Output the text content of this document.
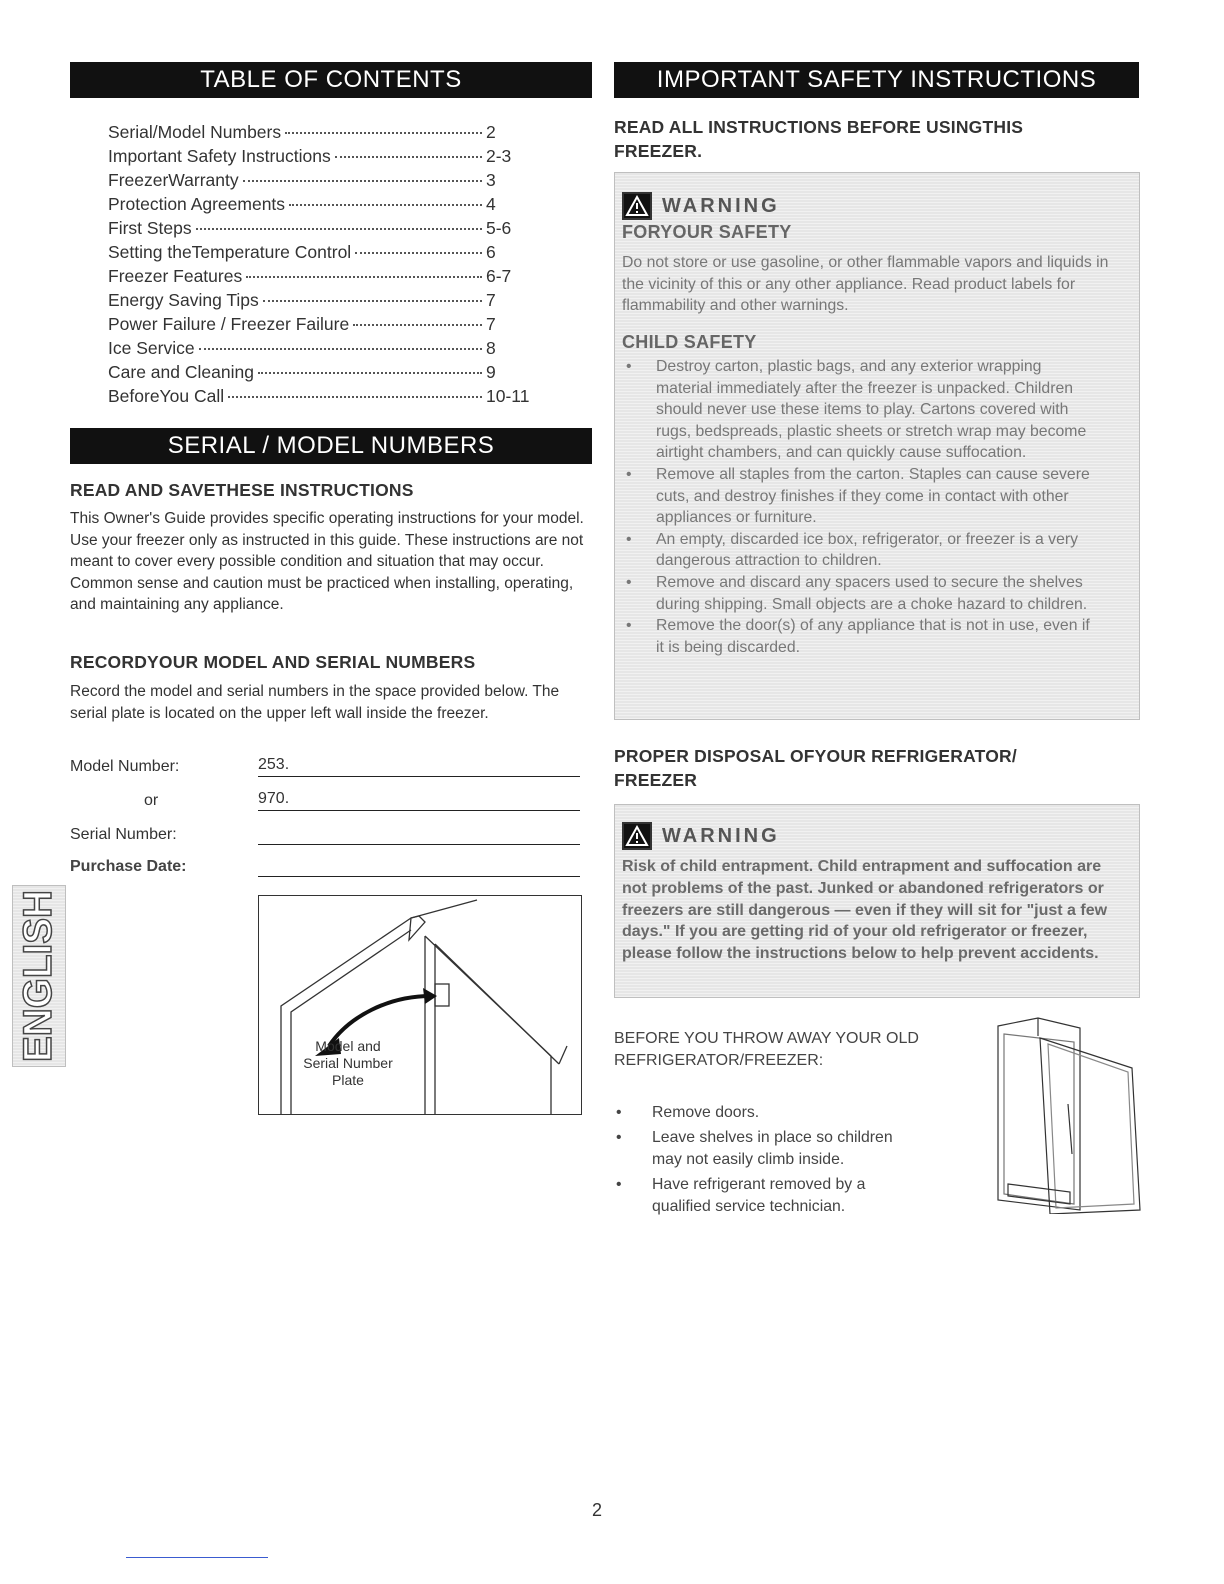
TABLE OF CONTENTS
Serial/Model Numbers	2
Important Safety Instructions	2-3
FreezerWarranty	3
Protection Agreements	4
First Steps	5-6
Setting theTemperature Control	6
Freezer Features	6-7
Energy Saving Tips	7
Power Failure / Freezer Failure	7
Ice Service	8
Care and Cleaning	9
BeforeYou Call	10-11
SERIAL / MODEL NUMBERS
READ AND SAVETHESE INSTRUCTIONS

This Owner's Guide provides specific operating instructions for your model. Use your freezer only as instructed in this guide. These instructions are not meant to cover every possible condition and situation that may occur. Common sense and caution must be practiced when installing, operating, and maintaining any appliance.

RECORDYOUR MODEL AND SERIAL NUMBERS

Record the model and serial numbers in the space provided below. The serial plate is located on the upper left wall inside the freezer.

Model Number:	253.
or	970.
Serial Number:
Purchase Date:
Model and Serial Number Plate
ENGLISH
IMPORTANT SAFETY INSTRUCTIONS
READ ALL INSTRUCTIONS BEFORE USINGTHIS FREEZER.
WARNING
FORYOUR SAFETY

Do not store or use gasoline, or other flammable vapors and liquids in the vicinity of this or any other appliance. Read product labels for flammability and other warnings.

CHILD SAFETY
• Destroy carton, plastic bags, and any exterior wrapping material immediately after the freezer is unpacked. Children should never use these items to play. Cartons covered with rugs, bedspreads, plastic sheets or stretch wrap may become airtight chambers, and can quickly cause suffocation.
• Remove all staples from the carton. Staples can cause severe cuts, and destroy finishes if they come in contact with other appliances or furniture.
• An empty, discarded ice box, refrigerator, or freezer is a very dangerous attraction to children.
• Remove and discard any spacers used to secure the shelves during shipping. Small objects are a choke hazard to children.
• Remove the door(s) of any appliance that is not in use, even if it is being discarded.
PROPER DISPOSAL OFYOUR REFRIGERATOR/ FREEZER
WARNING

Risk of child entrapment. Child entrapment and suffocation are not problems of the past. Junked or abandoned refrigerators or freezers are still dangerous — even if they will sit for "just a few days." If you are getting rid of your old refrigerator or freezer, please follow the instructions below to help prevent accidents.

BEFORE YOU THROW AWAY YOUR OLD REFRIGERATOR/FREEZER:

• Remove doors.
• Leave shelves in place so children may not easily climb inside.
• Have refrigerant removed by a qualified service technician.
2
